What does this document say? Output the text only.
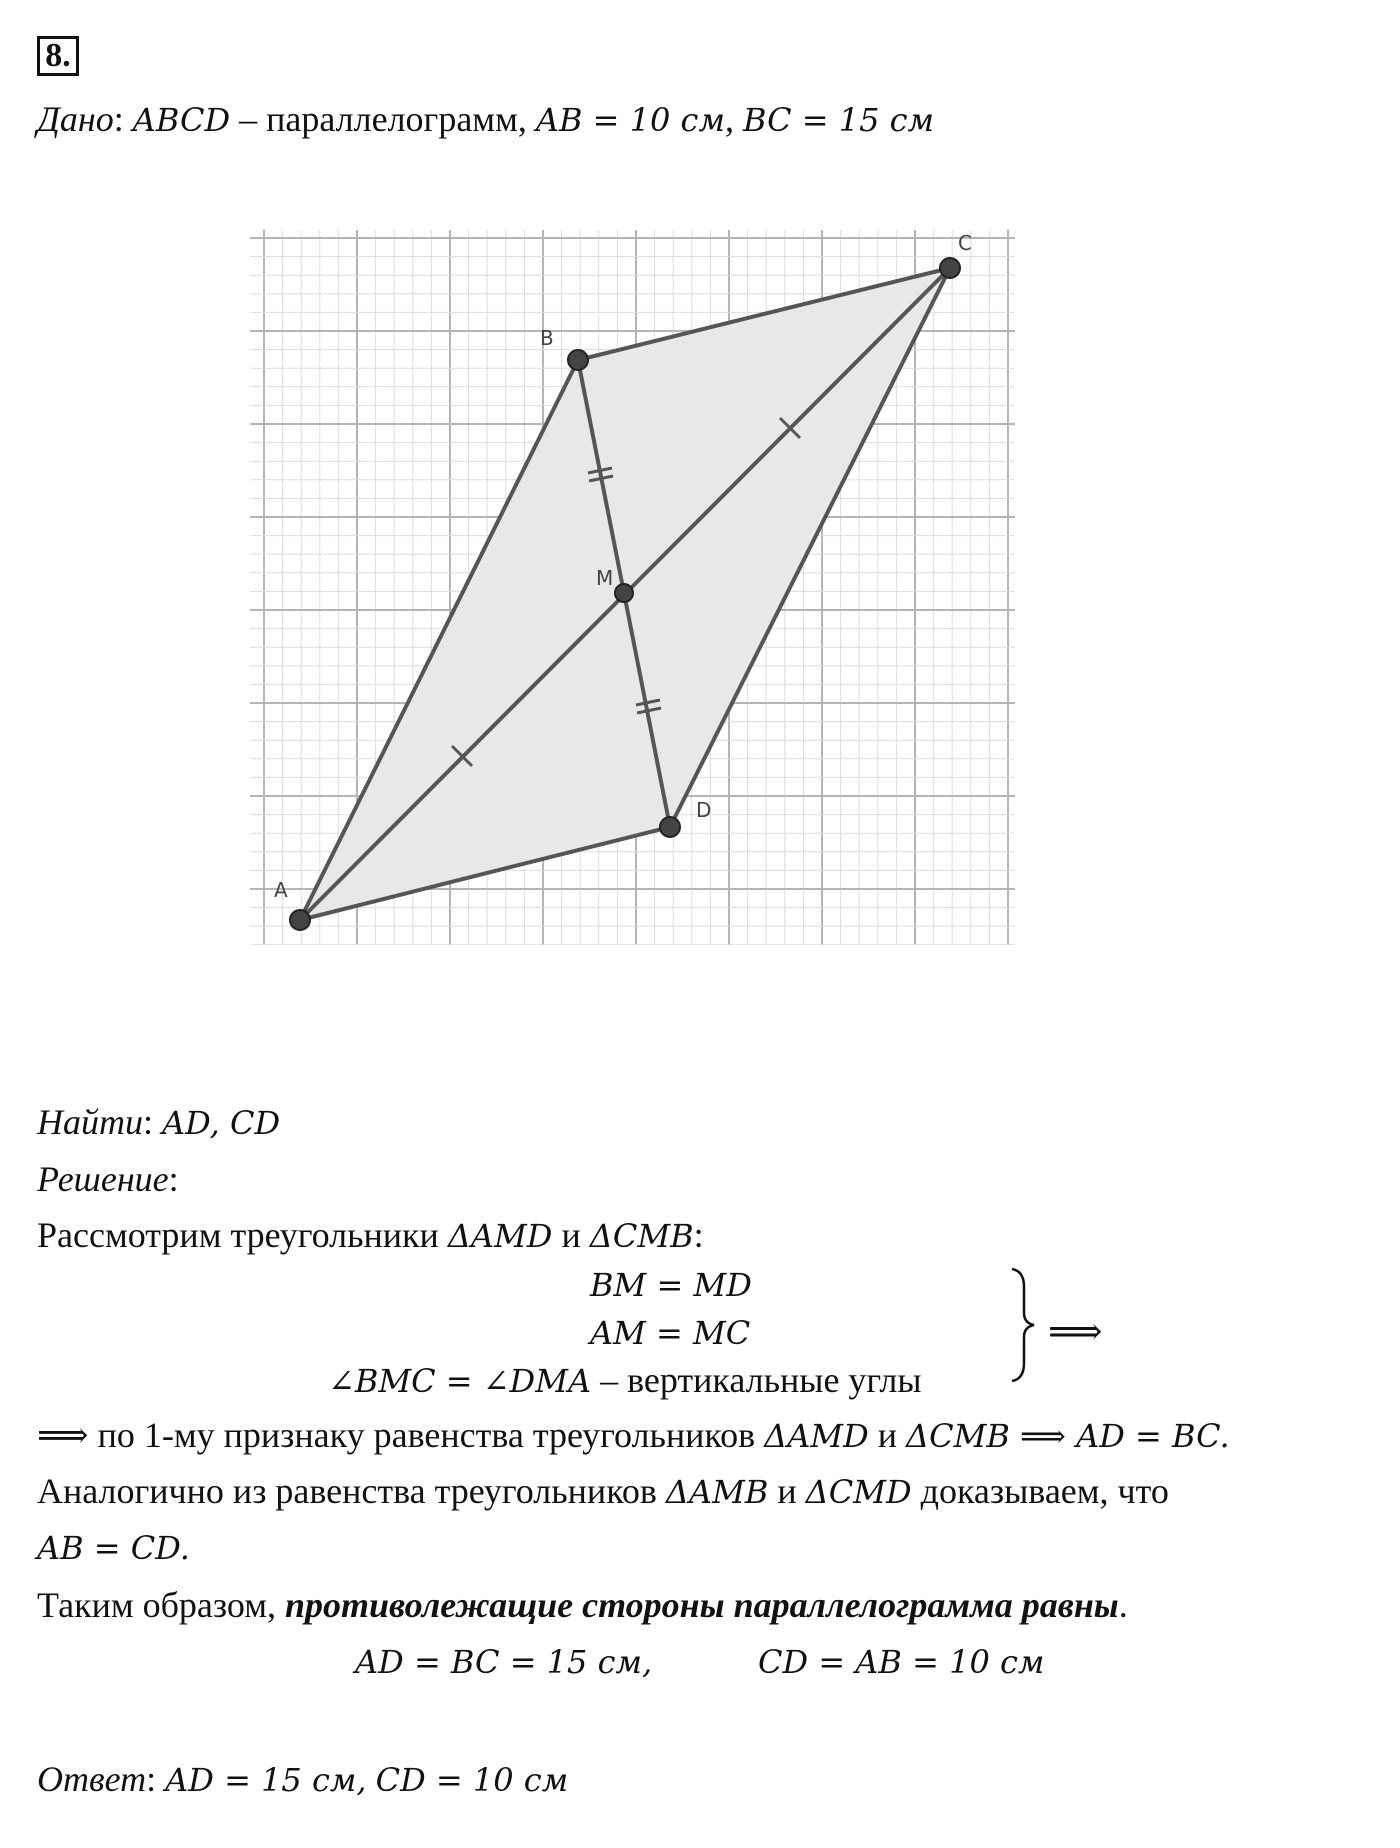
8.
Дано: ABCD – параллелограмм, AB = 10 см, BC = 15 см
A
B
C
D
M
Найти: AD, CD
Решение:
Рассмотрим треугольники ΔAMD и ΔCMB:
BM = MD
AM = MC
∠BMC = ∠DMA – вертикальные углы
⟹
⟹ по 1-му признаку равенства треугольников ΔAMD и ΔCMB ⟹ AD = BC.
Аналогично из равенства треугольников ΔAMB и ΔCMD доказываем, что
AB = CD.
Таким образом, противолежащие стороны параллелограмма равны.
AD = BC = 15 см,	CD = AB = 10 см
Ответ: AD = 15 см, CD = 10 см
